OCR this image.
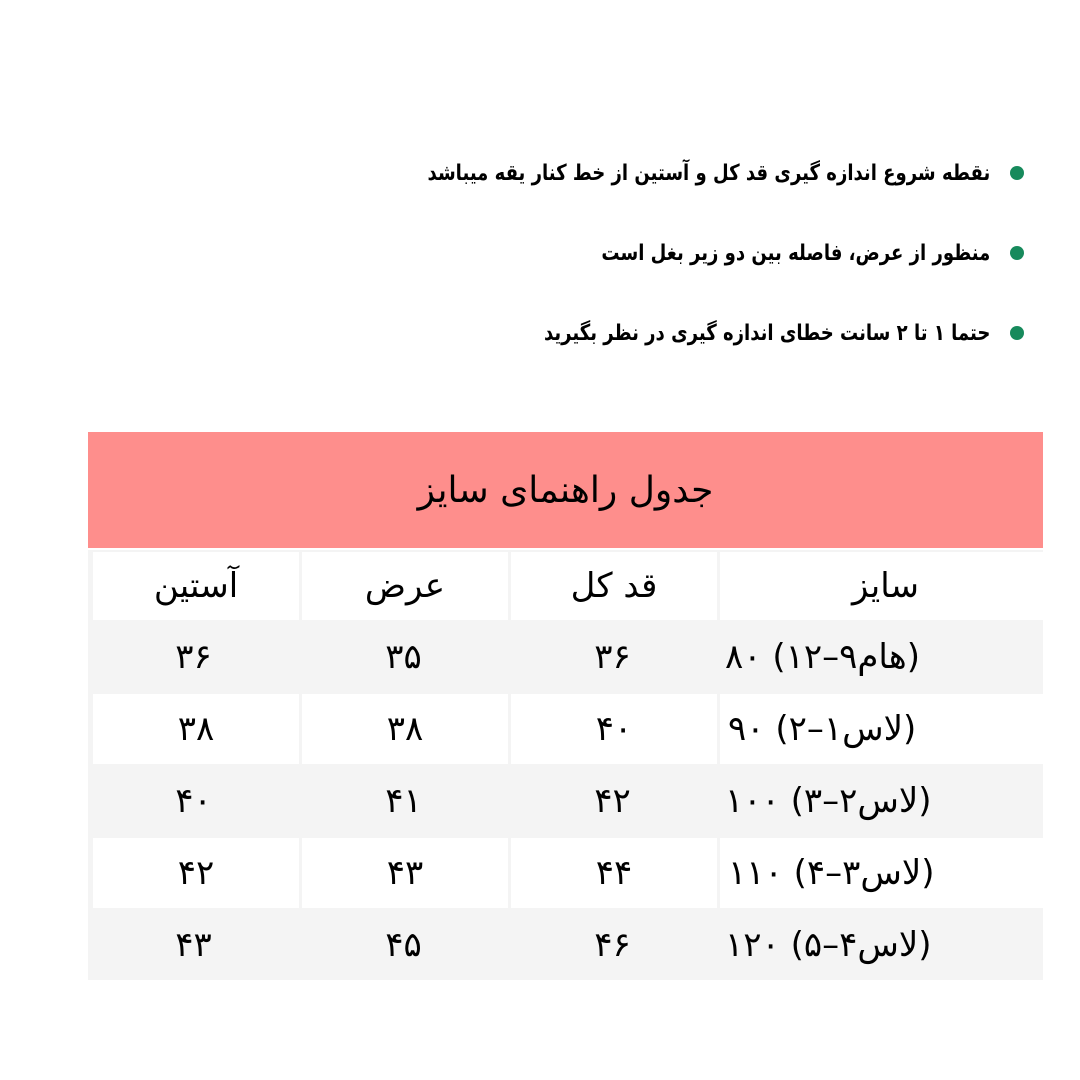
نقطه شروع اندازه گیری قد کل و آستین از خط کنار یقه میباشد
منظور از عرض، فاصله بین دو زیر بغل است
حتما ۱ تا ۲ سانت خطای اندازه گیری در نظر بگیرید
جدول راهنمای سایز
آستین	عرض	قد کل	سایز
۳۶	۳۵	۳۶	۸۰ (۱۲–۹ماه)
۳۸	۳۸	۴۰	۹۰ (۲–۱سال)
۴۰	۴۱	۴۲	۱۰۰ (۳–۲سال)
۴۲	۴۳	۴۴	۱۱۰ (۴–۳سال)
۴۳	۴۵	۴۶	۱۲۰ (۵–۴سال)
